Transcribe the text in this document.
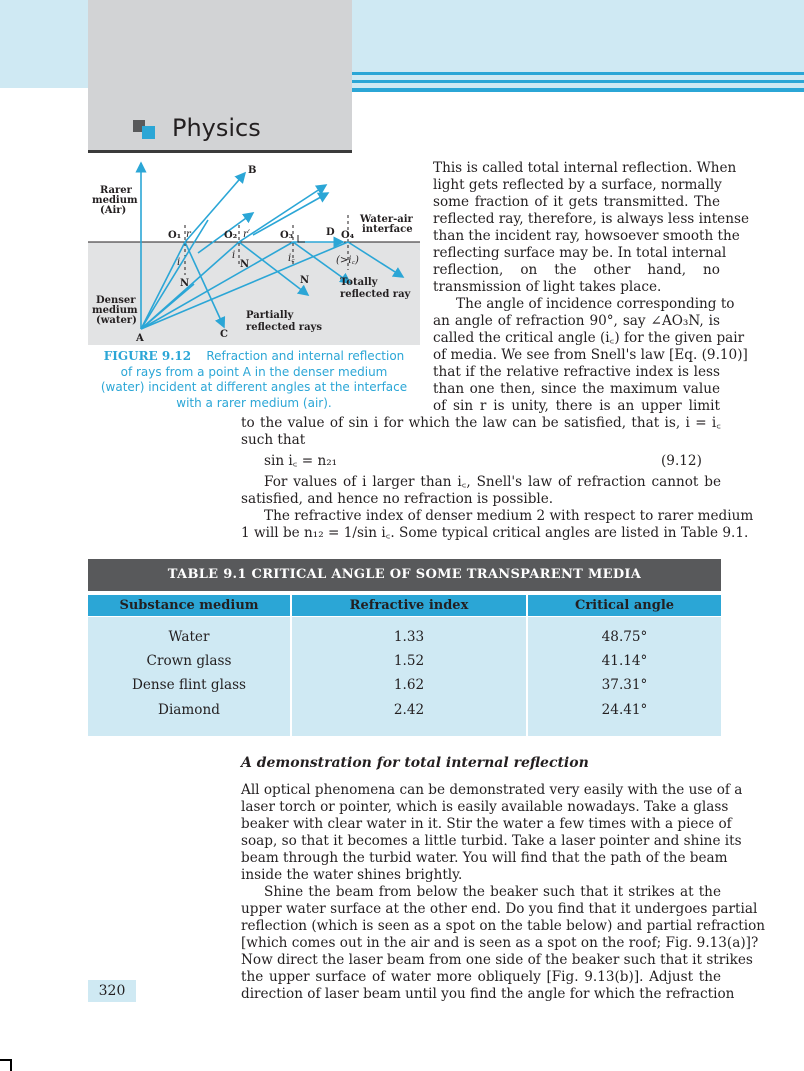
Physics
Rarer
medium
(Air)
Denser
medium
(water)
Water-air
interface
Totally
reflected ray
Partially
reflected rays
A
B
C
D
O₁	O₂	O₃	O₄
N
N
N
r	r′
i
i	i꜀	(>i꜀)
FIGURE 9.12 Refraction and internal reflection
of rays from a point A in the denser medium
(water) incident at different angles at the interface
with a rarer medium (air).
This is called total internal reflection. When
light gets reflected by a surface, normally
some fraction of it gets transmitted. The
reflected ray, therefore, is always less intense
than the incident ray, howsoever smooth the
reflecting surface may be. In total internal
reflection, on the other hand, no
transmission of light takes place.
The angle of incidence corresponding to
an angle of refraction 90°, say ∠AO₃N, is
called the critical angle (i꜀) for the given pair
of media. We see from Snell's law [Eq. (9.10)]
that if the relative refractive index is less
than one then, since the maximum value
of sin r is unity, there is an upper limit
to the value of sin i for which the law can be satisfied, that is, i = i꜀
such that
sin i꜀ = n₂₁	(9.12)
For values of i larger than i꜀, Snell's law of refraction cannot be
satisfied, and hence no refraction is possible.
The refractive index of denser medium 2 with respect to rarer medium
1 will be n₁₂ = 1/sin i꜀. Some typical critical angles are listed in Table 9.1.
TABLE 9.1 CRITICAL ANGLE OF SOME TRANSPARENT MEDIA
Substance medium	Refractive index	Critical angle
Water	1.33	48.75°
Crown glass	1.52	41.14°
Dense flint glass	1.62	37.31°
Diamond	2.42	24.41°
A demonstration for total internal reflection
All optical phenomena can be demonstrated very easily with the use of a
laser torch or pointer, which is easily available nowadays. Take a glass
beaker with clear water in it. Stir the water a few times with a piece of
soap, so that it becomes a little turbid. Take a laser pointer and shine its
beam through the turbid water. You will find that the path of the beam
inside the water shines brightly.
Shine the beam from below the beaker such that it strikes at the
upper water surface at the other end. Do you find that it undergoes partial
reflection (which is seen as a spot on the table below) and partial refraction
[which comes out in the air and is seen as a spot on the roof; Fig. 9.13(a)]?
Now direct the laser beam from one side of the beaker such that it strikes
the upper surface of water more obliquely [Fig. 9.13(b)]. Adjust the
direction of laser beam until you find the angle for which the refraction
320
